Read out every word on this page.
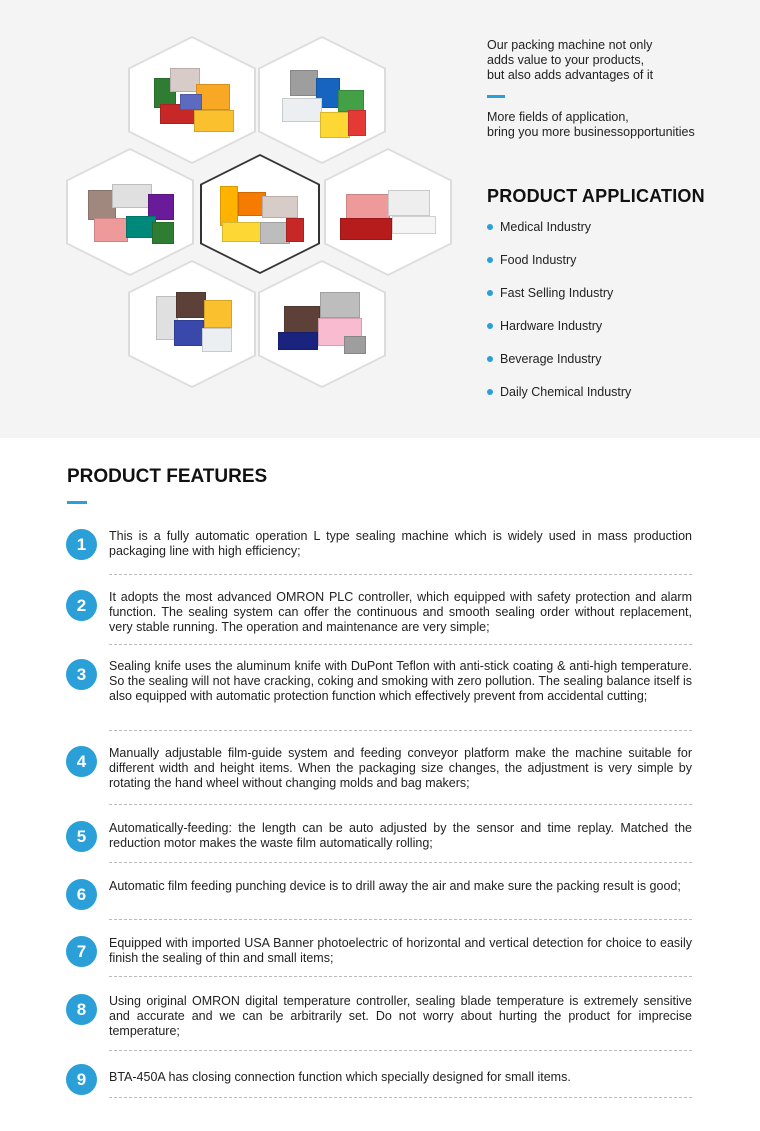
Our packing machine not only

adds value to your products,

but also adds advantages of it

More fields of application,

bring you more businessopportunities

PRODUCT APPLICATION
Medical Industry
Food Industry
Fast Selling Industry
Hardware Industry
Beverage Industry
Daily Chemical Industry
PRODUCT FEATURES
1	This is a fully automatic operation L type sealing machine which is widely used in mass production packaging line with high efficiency;
2	It adopts the most advanced OMRON PLC controller, which equipped with safety protection and alarm function. The sealing system can offer the continuous and smooth sealing order without replacement, very stable running. The operation and maintenance are very simple;
3	Sealing knife uses the aluminum knife with DuPont Teflon with anti-stick coating & anti-high temperature. So the sealing will not have cracking, coking and smoking with zero pollution. The sealing balance itself is also equipped with automatic protection function which effectively prevent from accidental cutting;
4	Manually adjustable film-guide system and feeding conveyor platform make the machine suitable for different width and height items. When the packaging size changes, the adjustment is very simple by rotating the hand wheel without changing molds and bag makers;
5	Automatically-feeding: the length can be auto adjusted by the sensor and time replay. Matched the reduction motor makes the waste film automatically rolling;
6	Automatic film feeding punching device is to drill away the air and make sure the packing result is good;
7	Equipped with imported USA Banner photoelectric of horizontal and vertical detection for choice to easily finish the sealing of thin and small items;
8	Using original OMRON digital temperature controller, sealing blade temperature is extremely sensitive and accurate and we can be arbitrarily set. Do not worry about hurting the product for imprecise temperature;
9	BTA-450A has closing connection function which specially designed for small items.
